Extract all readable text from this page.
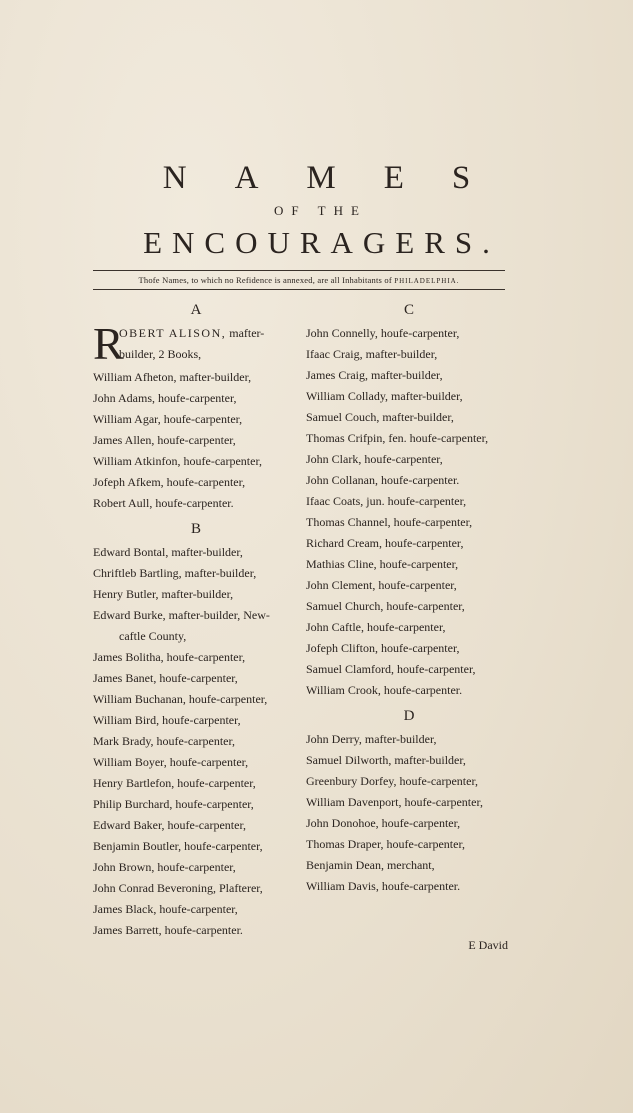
NAMES
OF THE
ENCOURAGERS.
Thofe Names, to which no Refidence is annexed, are all Inhabitants of PHILADELPHIA.
A
R
OBERT ALISON, mafter-
builder, 2 Books,
William Afheton, mafter-builder,
John Adams, houfe-carpenter,
William Agar, houfe-carpenter,
James Allen, houfe-carpenter,
William Atkinfon, houfe-carpenter,
Jofeph Afkem, houfe-carpenter,
Robert Aull, houfe-carpenter.
B
Edward Bontal, mafter-builder,
Chriftleb Bartling, mafter-builder,
Henry Butler, mafter-builder,
Edward Burke, mafter-builder, New-
caftle County,
James Bolitha, houfe-carpenter,
James Banet, houfe-carpenter,
William Buchanan, houfe-carpenter,
William Bird, houfe-carpenter,
Mark Brady, houfe-carpenter,
William Boyer, houfe-carpenter,
Henry Bartlefon, houfe-carpenter,
Philip Burchard, houfe-carpenter,
Edward Baker, houfe-carpenter,
Benjamin Boutler, houfe-carpenter,
John Brown, houfe-carpenter,
John Conrad Beveroning, Plafterer,
James Black, houfe-carpenter,
James Barrett, houfe-carpenter.
C
John Connelly, houfe-carpenter,
Ifaac Craig, mafter-builder,
James Craig, mafter-builder,
William Collady, mafter-builder,
Samuel Couch, mafter-builder,
Thomas Crifpin, fen. houfe-carpenter,
John Clark, houfe-carpenter,
John Collanan, houfe-carpenter.
Ifaac Coats, jun. houfe-carpenter,
Thomas Channel, houfe-carpenter,
Richard Cream, houfe-carpenter,
Mathias Cline, houfe-carpenter,
John Clement, houfe-carpenter,
Samuel Church, houfe-carpenter,
John Caftle, houfe-carpenter,
Jofeph Clifton, houfe-carpenter,
Samuel Clamford, houfe-carpenter,
William Crook, houfe-carpenter.
D
John Derry, mafter-builder,
Samuel Dilworth, mafter-builder,
Greenbury Dorfey, houfe-carpenter,
William Davenport, houfe-carpenter,
John Donohoe, houfe-carpenter,
Thomas Draper, houfe-carpenter,
Benjamin Dean, merchant,
William Davis, houfe-carpenter.
E David
